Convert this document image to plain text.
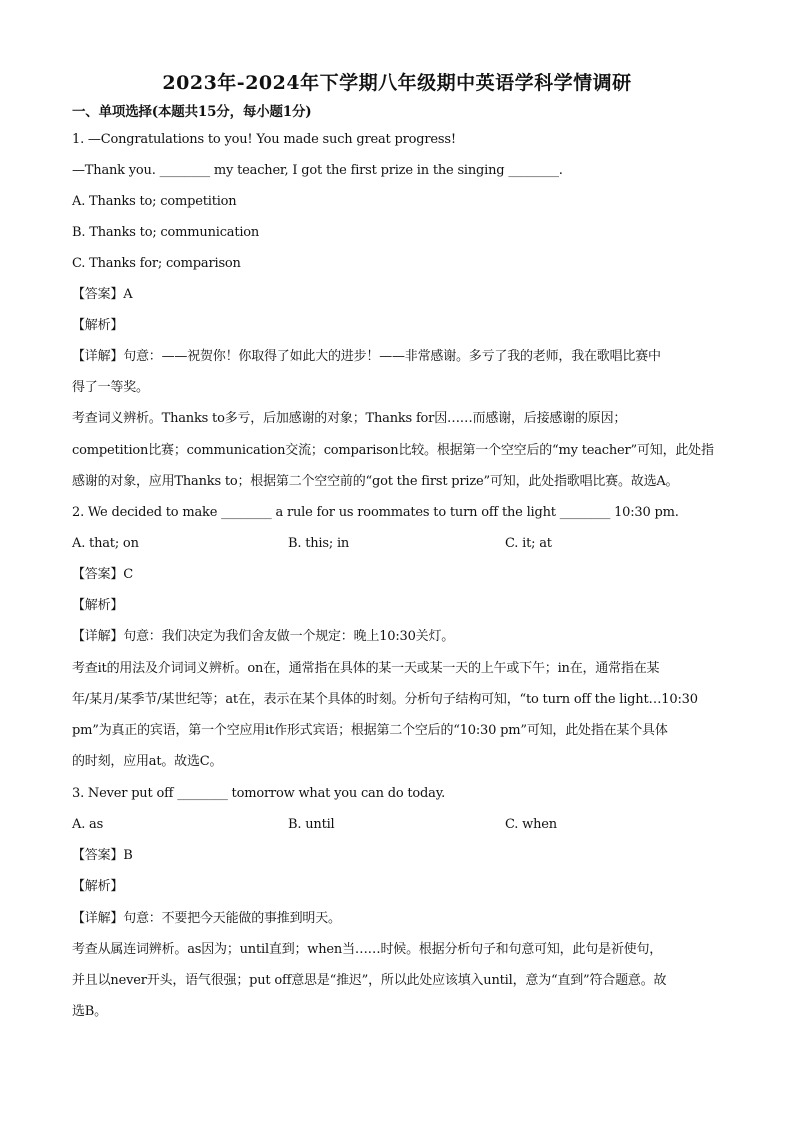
2023年-2024年下学期八年级期中英语学科学情调研
一、单项选择(本题共15分，每小题1分)
1. —Congratulations to you! You made such great progress!
—Thank you. ________ my teacher, I got the first prize in the singing ________.
A. Thanks to; competition
B. Thanks to; communication
C. Thanks for; comparison
【答案】A
【解析】
【详解】句意：——祝贺你！你取得了如此大的进步！——非常感谢。多亏了我的老师，我在歌唱比赛中
得了一等奖。
考查词义辨析。Thanks to多亏，后加感谢的对象；Thanks for因……而感谢，后接感谢的原因；
competition比赛；communication交流；comparison比较。根据第一个空空后的“my teacher”可知，此处指
感谢的对象，应用Thanks to；根据第二个空空前的“got the first prize”可知，此处指歌唱比赛。故选A。
2. We decided to make ________ a rule for us roommates to turn off the light ________ 10:30 pm.
A. that; on	B. this; in	C. it; at
【答案】C
【解析】
【详解】句意：我们决定为我们舍友做一个规定：晚上10:30关灯。
考查it的用法及介词词义辨析。on在，通常指在具体的某一天或某一天的上午或下午；in在，通常指在某
年/某月/某季节/某世纪等；at在，表示在某个具体的时刻。分析句子结构可知，“to turn off the light…10:30
pm”为真正的宾语，第一个空应用it作形式宾语；根据第二个空后的“10:30 pm”可知，此处指在某个具体
的时刻，应用at。故选C。
3. Never put off ________ tomorrow what you can do today.
A. as	B. until	C. when
【答案】B
【解析】
【详解】句意：不要把今天能做的事推到明天。
考查从属连词辨析。as因为；until直到；when当……时候。根据分析句子和句意可知，此句是祈使句，
并且以never开头，语气很强；put off意思是“推迟”，所以此处应该填入until，意为“直到”符合题意。故
选B。
